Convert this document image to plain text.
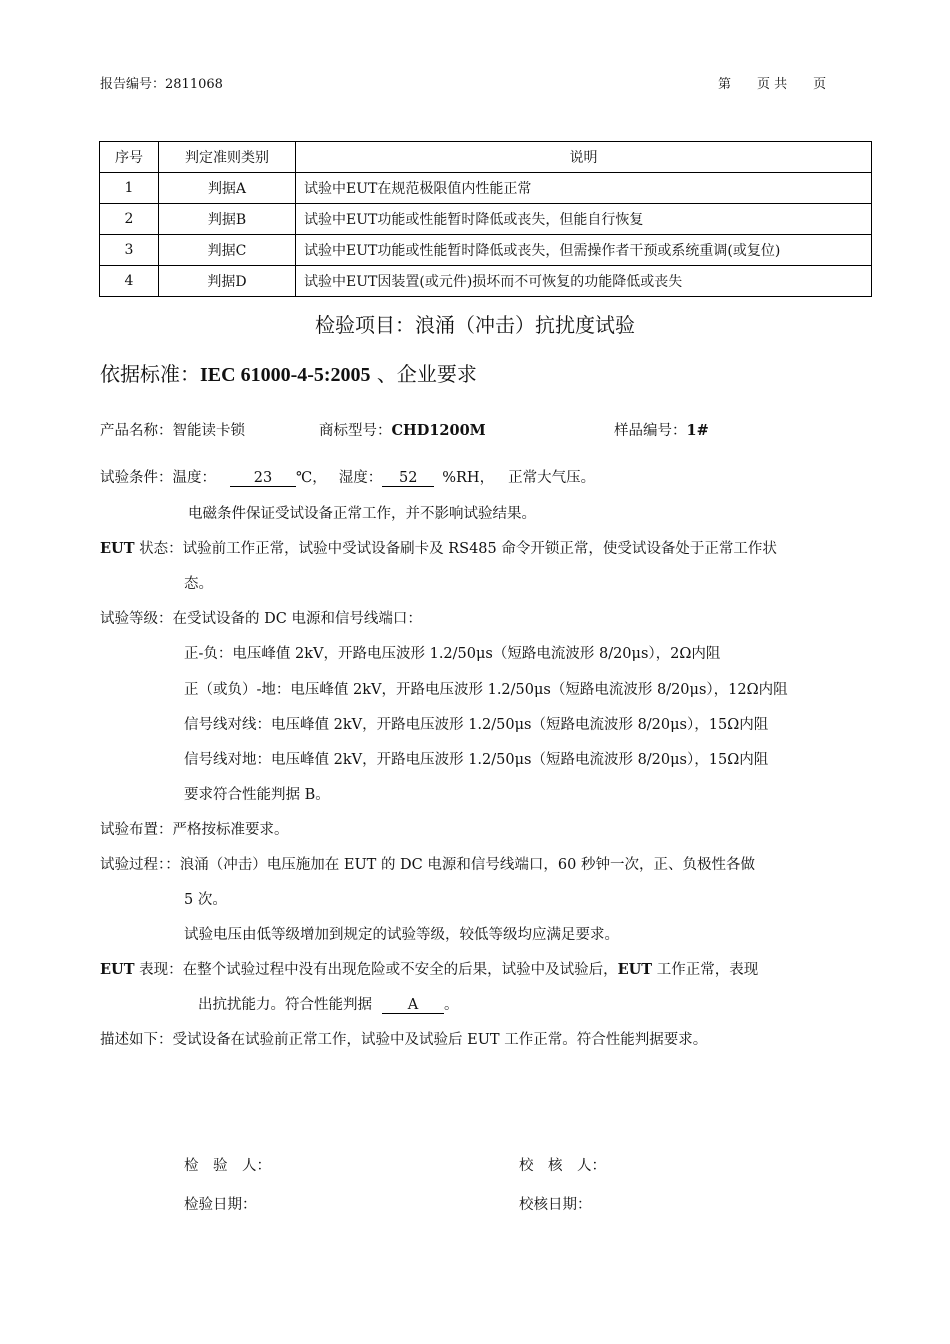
报告编号：2811068	第　　页 共　　页
序号	判定准则类别	说明
1	判据A	试验中EUT在规范极限值内性能正常
2	判据B	试验中EUT功能或性能暂时降低或丧失，但能自行恢复
3	判据C	试验中EUT功能或性能暂时降低或丧失，但需操作者干预或系统重调(或复位)
4	判据D	试验中EUT因装置(或元件)损坏而不可恢复的功能降低或丧失
检验项目：浪涌（冲击）抗扰度试验
依据标准：IEC 61000-4-5:2005 、企业要求
产品名称：智能读卡锁	商标型号：CHD1200M	样品编号：1#
试验条件：温度：	23 ℃， 湿度： 52 %RH， 正常大气压。
电磁条件保证受试设备正常工作，并不影响试验结果。
EUT 状态：试验前工作正常，试验中受试设备刷卡及 RS485 命令开锁正常，使受试设备处于正常工作状
态。
试验等级：在受试设备的 DC 电源和信号线端口：
正-负：电压峰值 2kV，开路电压波形 1.2/50μs（短路电流波形 8/20μs），2Ω内阻
正（或负）-地：电压峰值 2kV，开路电压波形 1.2/50μs（短路电流波形 8/20μs），12Ω内阻
信号线对线：电压峰值 2kV，开路电压波形 1.2/50μs（短路电流波形 8/20μs），15Ω内阻
信号线对地：电压峰值 2kV，开路电压波形 1.2/50μs（短路电流波形 8/20μs），15Ω内阻
要求符合性能判据 B。
试验布置：严格按标准要求。
试验过程：：浪涌（冲击）电压施加在 EUT 的 DC 电源和信号线端口，60 秒钟一次，正、负极性各做
5 次。
试验电压由低等级增加到规定的试验等级，较低等级均应满足要求。
EUT 表现：在整个试验过程中没有出现危险或不安全的后果，试验中及试验后，EUT 工作正常，表现
出抗扰能力。符合性能判据 A 。
描述如下：受试设备在试验前正常工作，试验中及试验后 EUT 工作正常。符合性能判据要求。
检　验　人：	校　核　人：
检验日期：	校核日期：
